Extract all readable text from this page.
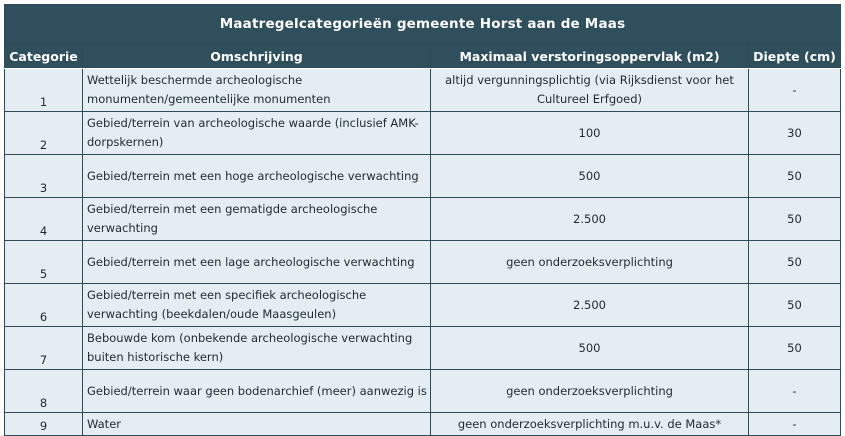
Maatregelcategorieën gemeente Horst aan de Maas			
Categorie	Omschrijving	Maximaal verstoringsoppervlak (m2)	Diepte (cm)
1	Wettelijk beschermde archeologische monumenten/gemeentelijke monumenten	altijd vergunningsplichtig (via Rijksdienst voor het Cultureel Erfgoed)	-
2	Gebied/terrein van archeologische waarde (inclusief AMK-dorpskernen)	100	30
3	Gebied/terrein met een hoge archeologische verwachting	500	50
4	Gebied/terrein met een gematigde archeologische verwachting	2.500	50
5	Gebied/terrein met een lage archeologische verwachting	geen onderzoeksverplichting	50
6	Gebied/terrein met een specifiek archeologische verwachting (beekdalen/oude Maasgeulen)	2.500	50
7	Bebouwde kom (onbekende archeologische verwachting buiten historische kern)	500	50
8	Gebied/terrein waar geen bodenarchief (meer) aanwezig is	geen onderzoeksverplichting	-
9	Water	geen onderzoeksverplichting m.u.v. de Maas*	-
